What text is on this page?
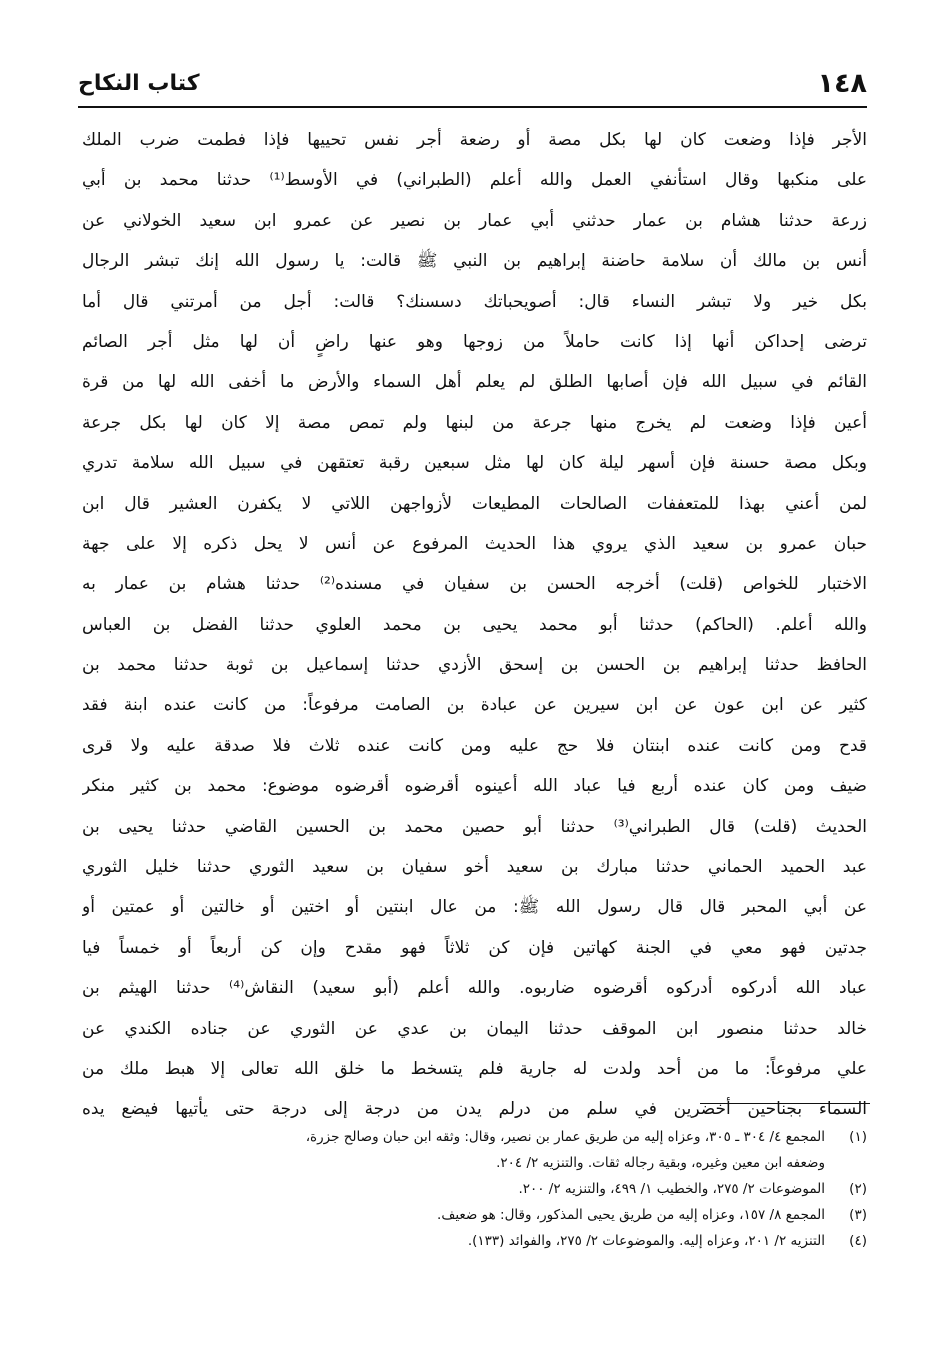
١٤٨
كتاب النكاح
الأجر فإذا وضعت كان لها بكل مصة أو رضعة أجر نفس تحييها فإذا فطمت ضرب الملك
على منكبها وقال استأنفي العمل والله أعلم (الطبراني) في الأوسط⁽¹⁾ حدثنا محمد بن أبي
زرعة حدثنا هشام بن عمار حدثني أبي عمار بن نصير عن عمرو ابن سعيد الخولاني عن
أنس بن مالك أن سلامة حاضنة إبراهيم بن النبي ﷺ قالت: يا رسول الله إنك تبشر الرجال
بكل خير ولا تبشر النساء قال: أصويحباتك دسسنك؟ قالت: أجل من أمرتني قال أما
ترضى إحداكن أنها إذا كانت حاملاً من زوجها وهو عنها راضٍ أن لها مثل أجر الصائم
القائم في سبيل الله فإن أصابها الطلق لم يعلم أهل السماء والأرض ما أخفى الله لها من قرة
أعين فإذا وضعت لم يخرج منها جرعة من لبنها ولم تمص مصة إلا كان لها بكل جرعة
وبكل مصة حسنة فإن أسهر ليلة كان لها مثل سبعين رقبة تعتقهن في سبيل الله سلامة تدري
لمن أعني بهذا للمتعففات الصالحات المطيعات لأزواجهن اللاتي لا يكفرن العشير قال ابن
حبان عمرو بن سعيد الذي يروي هذا الحديث المرفوع عن أنس لا يحل ذكره إلا على جهة
الاختبار للخواص (قلت) أخرجه الحسن بن سفيان في مسنده⁽²⁾ حدثنا هشام بن عمار به
والله أعلم. (الحاكم) حدثنا أبو محمد يحيى بن محمد العلوي حدثنا الفضل بن العباس
الحافظ حدثنا إبراهيم بن الحسن بن إسحق الأزدي حدثنا إسماعيل بن ثوبة حدثنا محمد بن
كثير عن ابن عون عن ابن سيرين عن عبادة بن الصامت مرفوعاً: من كانت عنده ابنة فقد
قدح ومن كانت عنده ابنتان فلا حج عليه ومن كانت عنده ثلاث فلا صدقة عليه ولا قرى
ضيف ومن كان عنده أربع فيا عباد الله أعينوه أقرضوه أقرضوه موضوع: محمد بن كثير منكر
الحديث (قلت) قال الطبراني⁽³⁾ حدثنا أبو حصين محمد بن الحسين القاضي حدثنا يحيى بن
عبد الحميد الحماني حدثنا مبارك بن سعيد أخو سفيان بن سعيد الثوري حدثنا خليل الثوري
عن أبي المحبر قال قال رسول الله ﷺ: من عال ابنتين أو اختين أو خالتين أو عمتين أو
جدتين فهو معي في الجنة كهاتين فإن كن ثلاثاً فهو مقدح وإن كن أربعاً أو خمساً فيا
عباد الله أدركوه أدركوه أقرضوه ضاربوه. والله أعلم (أبو سعيد) النقاش⁽⁴⁾ حدثنا الهيثم بن
خالد حدثنا منصور ابن الموقف حدثنا اليمان بن عدي عن الثوري عن جناده الكندي عن
علي مرفوعاً: ما من أحد ولدت له جارية فلم يتسخط ما خلق الله تعالى إلا هبط ملك من
السماء بجناحين أخضرين في سلم من درلم يدن من درجة إلى درجة حتى يأتيها فيضع يده
(١)
المجمع ٤/ ٣٠٤ ـ ٣٠٥، وعزاه إليه من طريق عمار بن نصير، وقال: وثقه ابن حبان وصالح جزرة،
وضعفه ابن معين وغيره، وبقية رجاله ثقات. والتنزيه ٢/ ٢٠٤.
(٢)
الموضوعات ٢/ ٢٧٥، والخطيب ١/ ٤٩٩، والتنزيه ٢/ ٢٠٠.
(٣)
المجمع ٨/ ١٥٧، وعزاه إليه من طريق يحيى المذكور، وقال: هو ضعيف.
(٤)
التنزيه ٢/ ٢٠١، وعزاه إليه. والموضوعات ٢/ ٢٧٥، والفوائد (١٣٣).
